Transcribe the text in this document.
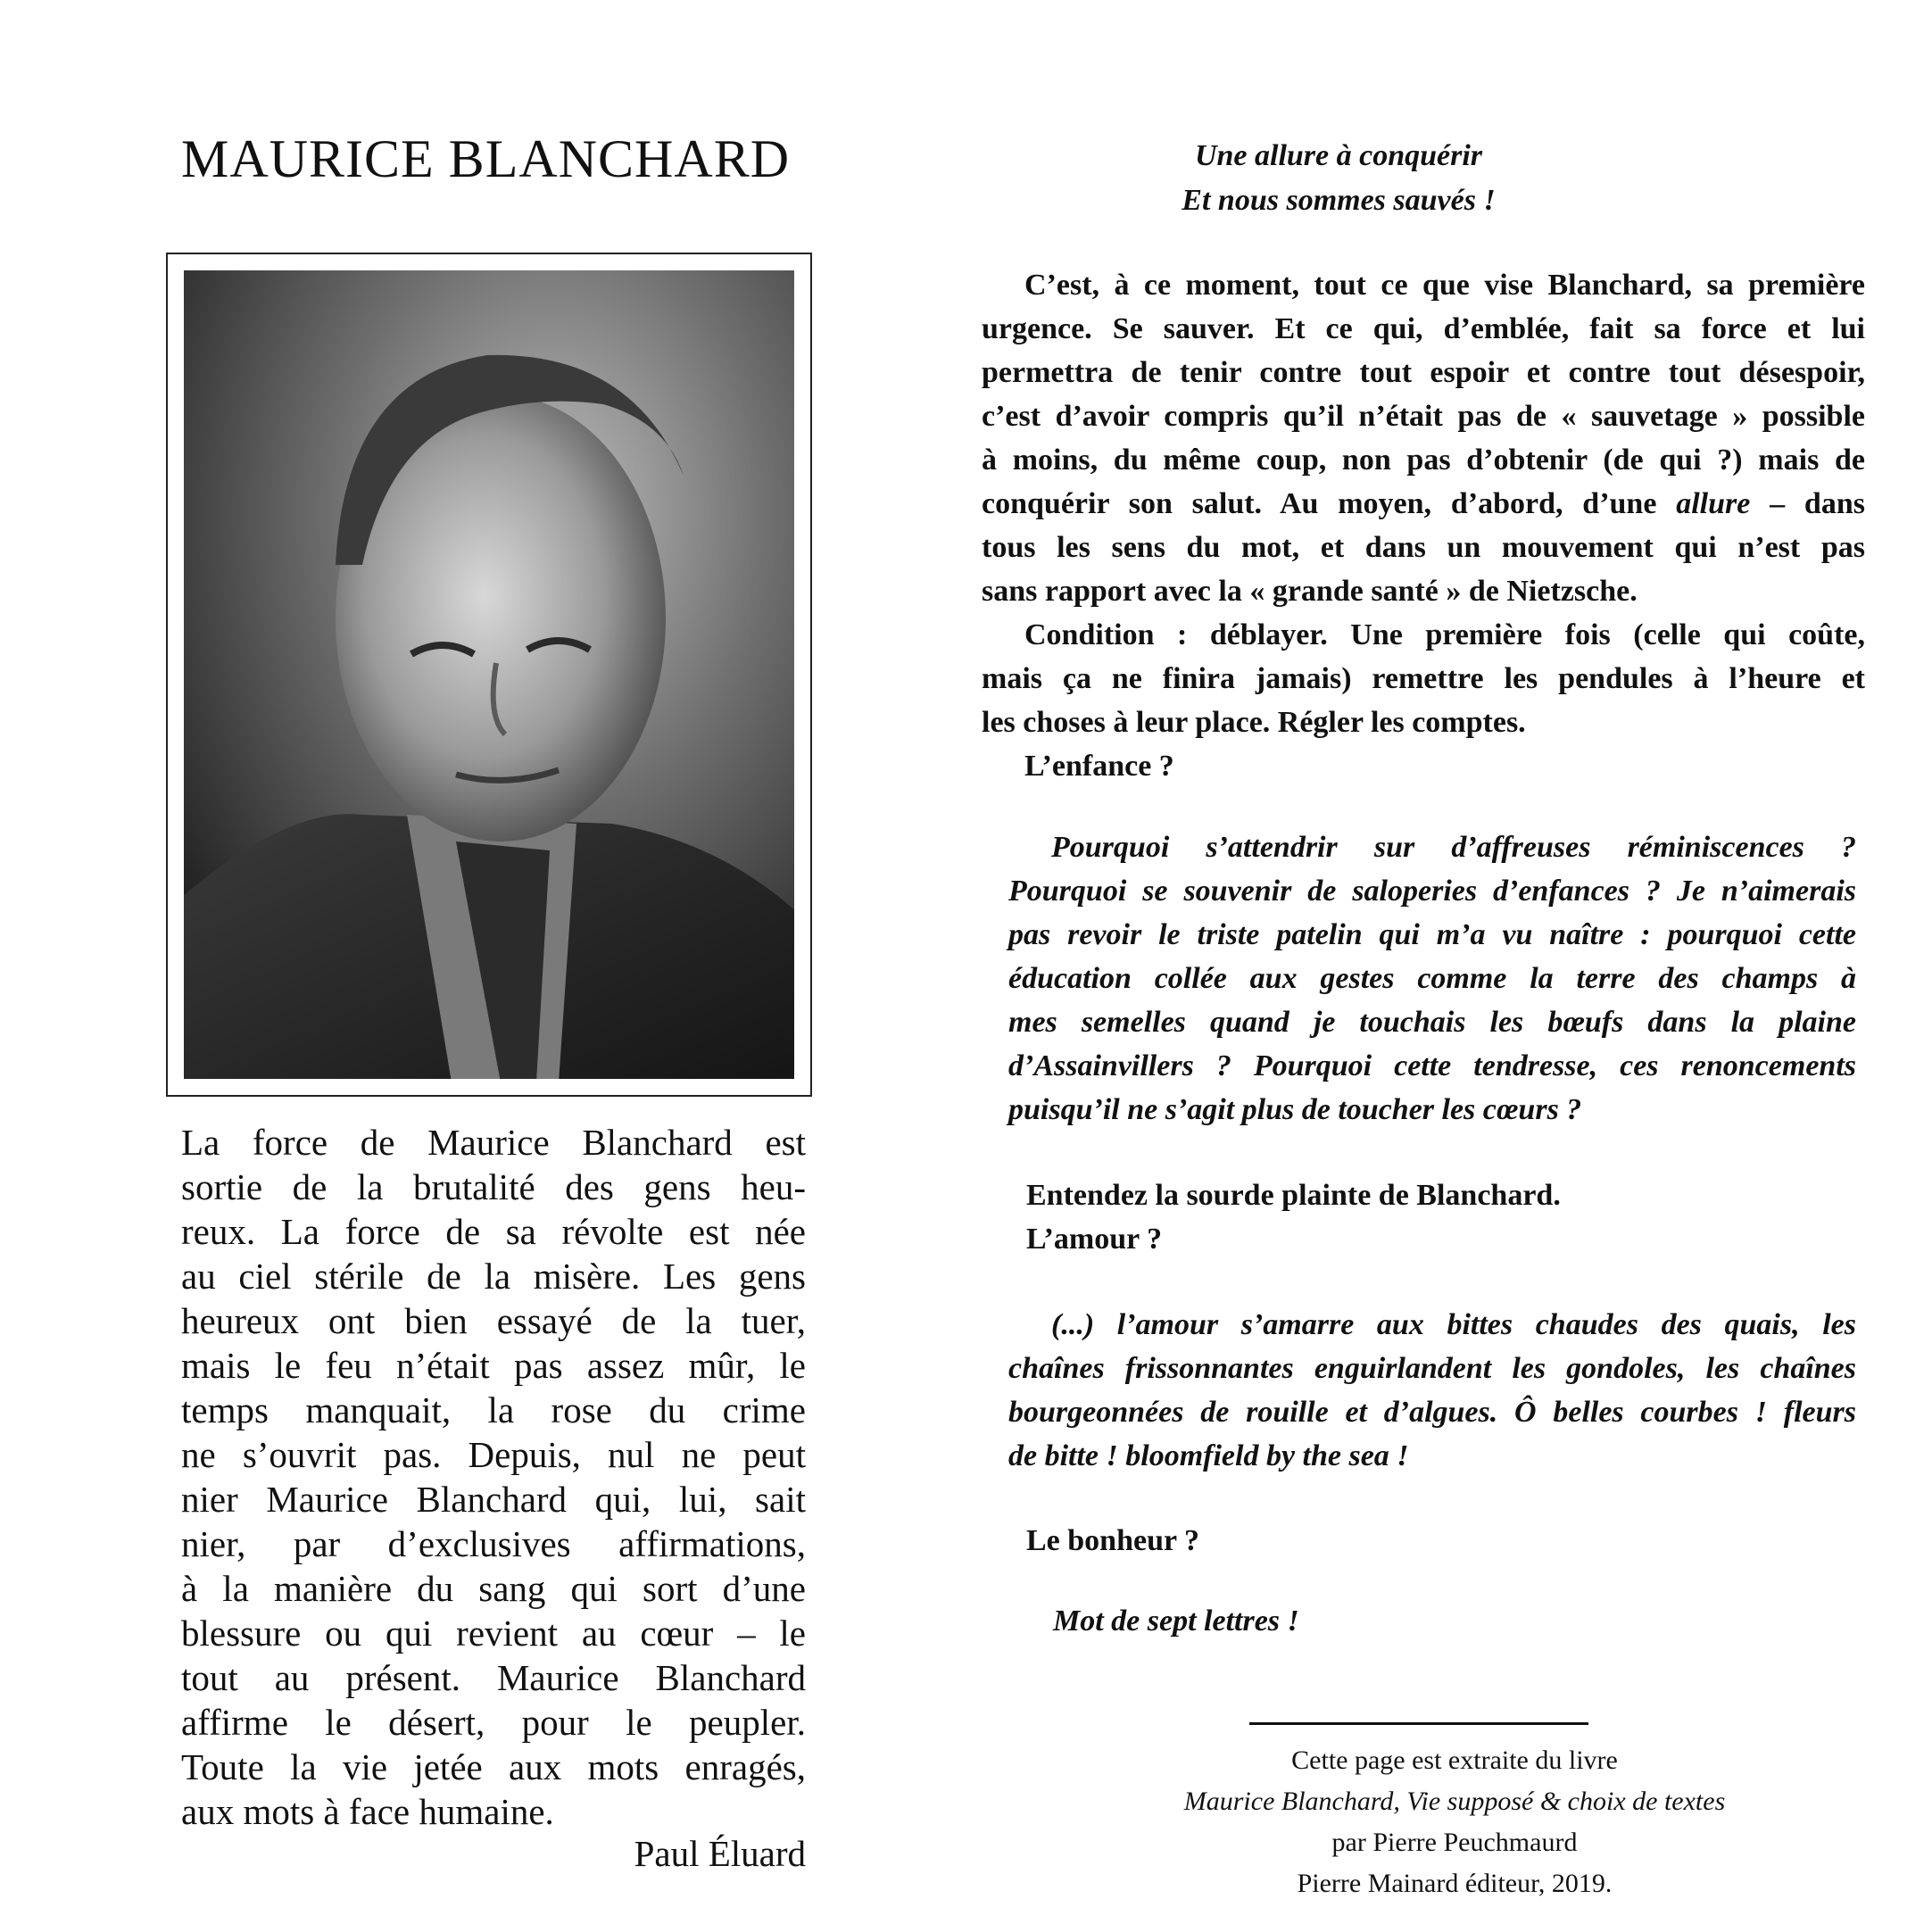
MAURICE BLANCHARD
La force de Maurice Blanchard est
sortie de la brutalité des gens heu-
reux. La force de sa révolte est née
au ciel stérile de la misère. Les gens
heureux ont bien essayé de la tuer,
mais le feu n’était pas assez mûr, le
temps manquait, la rose du crime
ne s’ouvrit pas. Depuis, nul ne peut
nier Maurice Blanchard qui, lui, sait
nier, par d’exclusives affirmations,
à la manière du sang qui sort d’une
blessure ou qui revient au cœur – le
tout au présent. Maurice Blanchard
affirme le désert, pour le peupler.
Toute la vie jetée aux mots enragés,
aux mots à face humaine.
Paul Éluard
Une allure à conquérir
Et nous sommes sauvés !
C’est, à ce moment, tout ce que vise Blanchard, sa première
urgence. Se sauver. Et ce qui, d’emblée, fait sa force et lui
permettra de tenir contre tout espoir et contre tout désespoir,
c’est d’avoir compris qu’il n’était pas de « sauvetage » possible
à moins, du même coup, non pas d’obtenir (de qui ?) mais de
conquérir son salut. Au moyen, d’abord, d’une allure – dans
tous les sens du mot, et dans un mouvement qui n’est pas
sans rapport avec la « grande santé » de Nietzsche.
Condition : déblayer. Une première fois (celle qui coûte,
mais ça ne finira jamais) remettre les pendules à l’heure et
les choses à leur place. Régler les comptes.
L’enfance ?
Pourquoi s’attendrir sur d’affreuses réminiscences ?
Pourquoi se souvenir de saloperies d’enfances ? Je n’aimerais
pas revoir le triste patelin qui m’a vu naître : pourquoi cette
éducation collée aux gestes comme la terre des champs à
mes semelles quand je touchais les bœufs dans la plaine
d’Assainvillers ? Pourquoi cette tendresse, ces renoncements
puisqu’il ne s’agit plus de toucher les cœurs ?
Entendez la sourde plainte de Blanchard.
L’amour ?
(...) l’amour s’amarre aux bittes chaudes des quais, les
chaînes frissonnantes enguirlandent les gondoles, les chaînes
bourgeonnées de rouille et d’algues. Ô belles courbes ! fleurs
de bitte ! bloomfield by the sea !
Le bonheur ?
Mot de sept lettres !
Cette page est extraite du livre
Maurice Blanchard, Vie supposé & choix de textes
par Pierre Peuchmaurd
Pierre Mainard éditeur, 2019.
